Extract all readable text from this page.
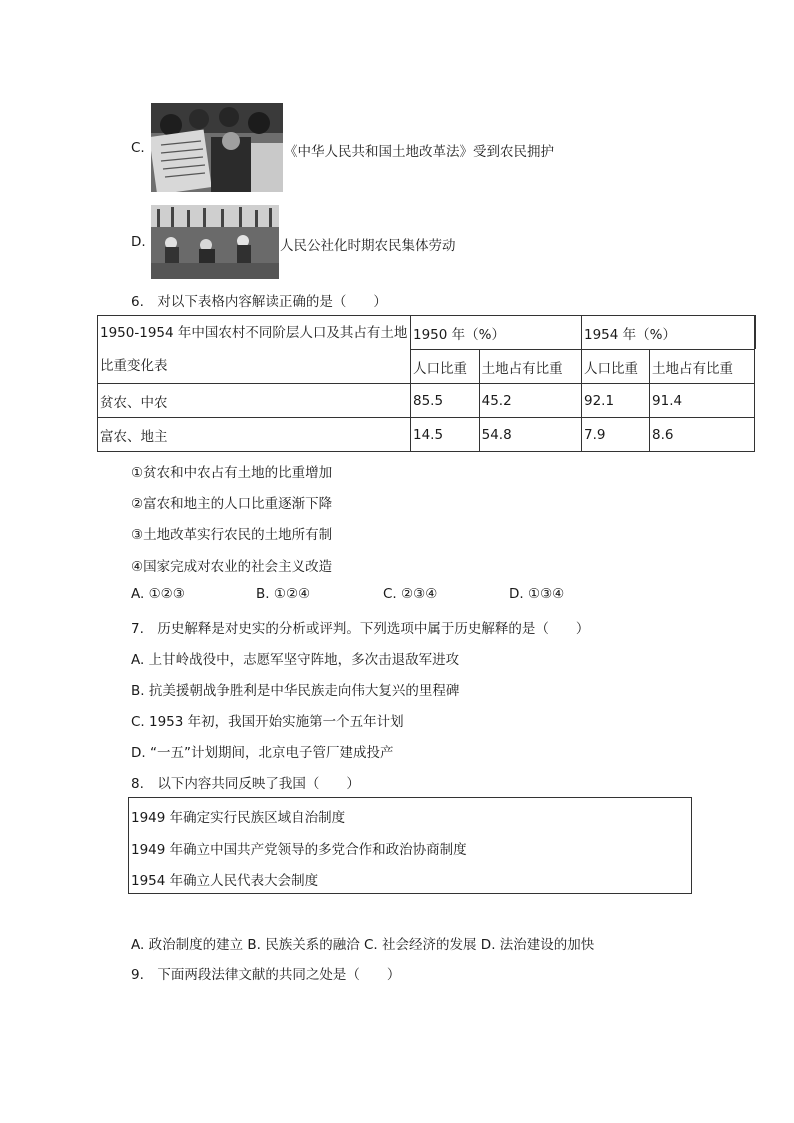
C.	《中华人民共和国土地改革法》受到农民拥护
D.	人民公社化时期农民集体劳动
6.　对以下表格内容解读正确的是（　　）
1950-1954 年中国农村不同阶层人口及其占有土地
比重变化表	1950 年（%）		1954 年（%）	
	人口比重	土地占有比重	人口比重	土地占有比重
贫农、中农	85.5	45.2	92.1	91.4
富农、地主	14.5	54.8	7.9	8.6
①贫农和中农占有土地的比重增加
②富农和地主的人口比重逐渐下降
③土地改革实行农民的土地所有制
④国家完成对农业的社会主义改造
A. ①②③	B. ①②④	C. ②③④	D. ①③④
7.　历史解释是对史实的分析或评判。下列选项中属于历史解释的是（　　）
A. 上甘岭战役中，志愿军坚守阵地，多次击退敌军进攻
B. 抗美援朝战争胜利是中华民族走向伟大复兴的里程碑
C. 1953 年初，我国开始实施第一个五年计划
D. “一五”计划期间，北京电子管厂建成投产
8.　以下内容共同反映了我国（　　）
1949 年确定实行民族区域自治制度
1949 年确立中国共产党领导的多党合作和政治协商制度
1954 年确立人民代表大会制度
A. 政治制度的建立 B. 民族关系的融洽 C. 社会经济的发展 D. 法治建设的加快
9.　下面两段法律文献的共同之处是（　　）
